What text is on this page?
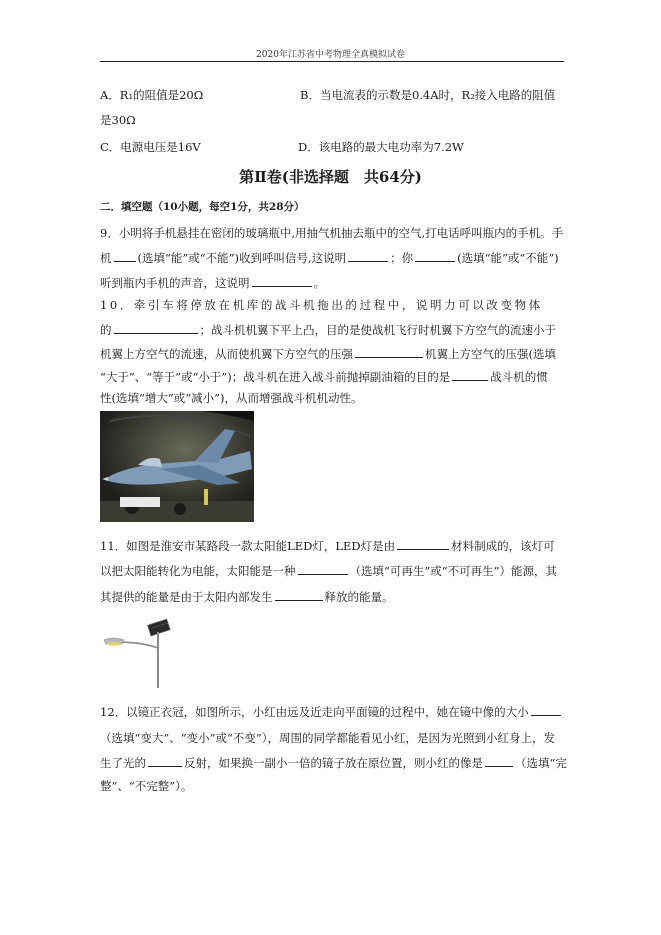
2020年江苏省中考物理全真模拟试卷
A．R₁的阻值是20Ω	B．当电流表的示数是0.4A时，R₂接入电路的阻值
是30Ω
C．电源电压是16V	D．该电路的最大电功率为7.2W
第Ⅱ卷(非选择题　共64分)
二．填空题（10小题，每空1分，共28分）
9．小明将手机悬挂在密闭的玻璃瓶中,用抽气机抽去瓶中的空气,打电话呼叫瓶内的手机。手
机 (选填“能”或“不能”)收到呼叫信号,这说明	；你	(选填“能”或“不能”)
听到瓶内手机的声音，这说明	。
10．牵引车将停放在机库的战斗机拖出的过程中，说明力可以改变物体
的	；战斗机机翼下平上凸，目的是使战机飞行时机翼下方空气的流速小于
机翼上方空气的流速，从而使机翼下方空气的压强	机翼上方空气的压强(选填
“大于”、“等于”或“小于”)；战斗机在进入战斗前抛掉副油箱的目的是	战斗机的惯
性(选填“增大”或“减小”)，从而增强战斗机机动性。
11．如图是淮安市某路段一款太阳能LED灯，LED灯是由	材料制成的，该灯可
以把太阳能转化为电能，太阳能是一种	（选填“可再生”或“不可再生”）能源，其
其提供的能量是由于太阳内部发生	释放的能量。
12．以镜正衣冠，如图所示，小红由远及近走向平面镜的过程中，她在镜中像的大小
（选填“变大”、“变小”或“不变”），周围的同学都能看见小红，是因为光照到小红身上，发
生了光的	反射，如果换一副小一倍的镜子放在原位置，则小红的像是	（选填“完
整”、“不完整”）。
